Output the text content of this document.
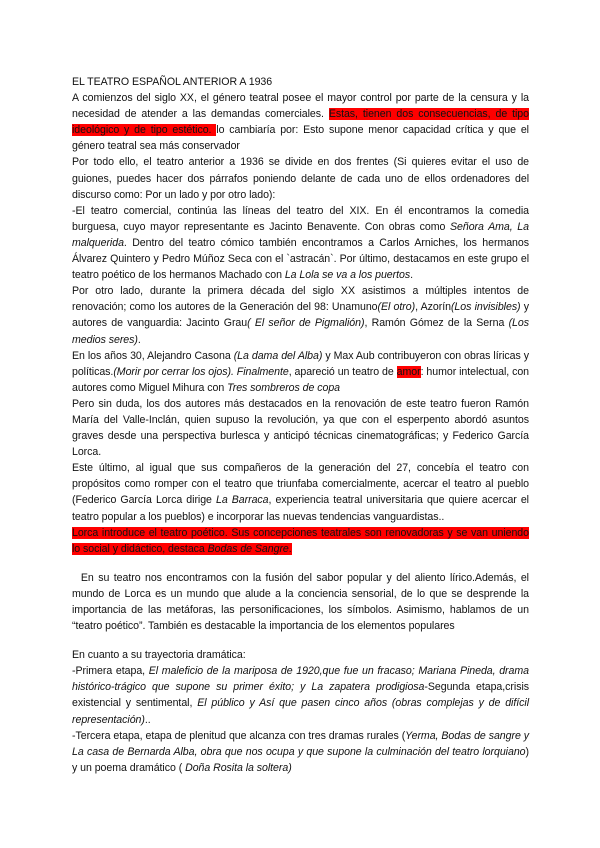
EL TEATRO ESPAÑOL ANTERIOR A 1936

A comienzos del siglo XX, el género teatral posee el mayor control por parte de la censura y la necesidad de atender a las demandas comerciales. Estas, tienen dos consecuencias, de tipo ideológico y de tipo estético. lo cambiaría por: Esto supone menor capacidad crítica y que el género teatral sea más conservador

Por todo ello, el teatro anterior a 1936 se divide en dos frentes (Si quieres evitar el uso de guiones, puedes hacer dos párrafos poniendo delante de cada uno de ellos ordenadores del discurso como: Por un lado y por otro lado):

-El teatro comercial, continúa las líneas del teatro del XIX. En él encontramos la comedia burguesa, cuyo mayor representante es Jacinto Benavente. Con obras como Señora Ama, La malquerida. Dentro del teatro cómico también encontramos a Carlos Arniches, los hermanos Álvarez Quintero y Pedro Múñoz Seca con el `astracán`. Por último, destacamos en este grupo el teatro poético de los hermanos Machado con La Lola se va a los puertos.

Por otro lado, durante la primera década del siglo XX asistimos a múltiples intentos de renovación; como los autores de la Generación del 98: Unamuno(El otro), Azorín(Los invisibles) y autores de vanguardia: Jacinto Grau( El señor de Pigmalión), Ramón Gómez de la Serna (Los medios seres).

En los años 30, Alejandro Casona (La dama del Alba) y Max Aub contribuyeron con obras líricas y políticas.(Morir por cerrar los ojos). Finalmente, apareció un teatro de amor: humor intelectual, con autores como Miguel Mihura con Tres sombreros de copa

Pero sin duda, los dos autores más destacados en la renovación de este teatro fueron Ramón María del Valle-Inclán, quien supuso la revolución, ya que con el esperpento abordó asuntos graves desde una perspectiva burlesca y anticipó técnicas cinematográficas; y Federico García Lorca.

Este último, al igual que sus compañeros de la generación del 27, concebía el teatro con propósitos como romper con el teatro que triunfaba comercialmente, acercar el teatro al pueblo (Federico García Lorca dirige La Barraca, experiencia teatral universitaria que quiere acercar el teatro popular a los pueblos) e incorporar las nuevas tendencias vanguardistas..

Lorca introduce el teatro poético. Sus concepciones teatrales son renovadoras y se van uniendo lo social y didáctico, destaca Bodas de Sangre.

En su teatro nos encontramos con la fusión del sabor popular y del aliento lírico.Además, el mundo de Lorca es un mundo que alude a la conciencia sensorial, de lo que se desprende la importancia de las metáforas, las personificaciones, los símbolos. Asimismo, hablamos de un “teatro poético”. También es destacable la importancia de los elementos populares

En cuanto a su trayectoria dramática:

-Primera etapa, El maleficio de la mariposa de 1920,que fue un fracaso; Mariana Pineda, drama histórico-trágico que supone su primer éxito; y La zapatera prodigiosa-Segunda etapa,crisis existencial y sentimental, El público y Así que pasen cinco años (obras complejas y de difícil representación)..

-Tercera etapa, etapa de plenitud que alcanza con tres dramas rurales (Yerma, Bodas de sangre y La casa de Bernarda Alba, obra que nos ocupa y que supone la culminación del teatro lorquiano) y un poema dramático ( Doña Rosita la soltera)
